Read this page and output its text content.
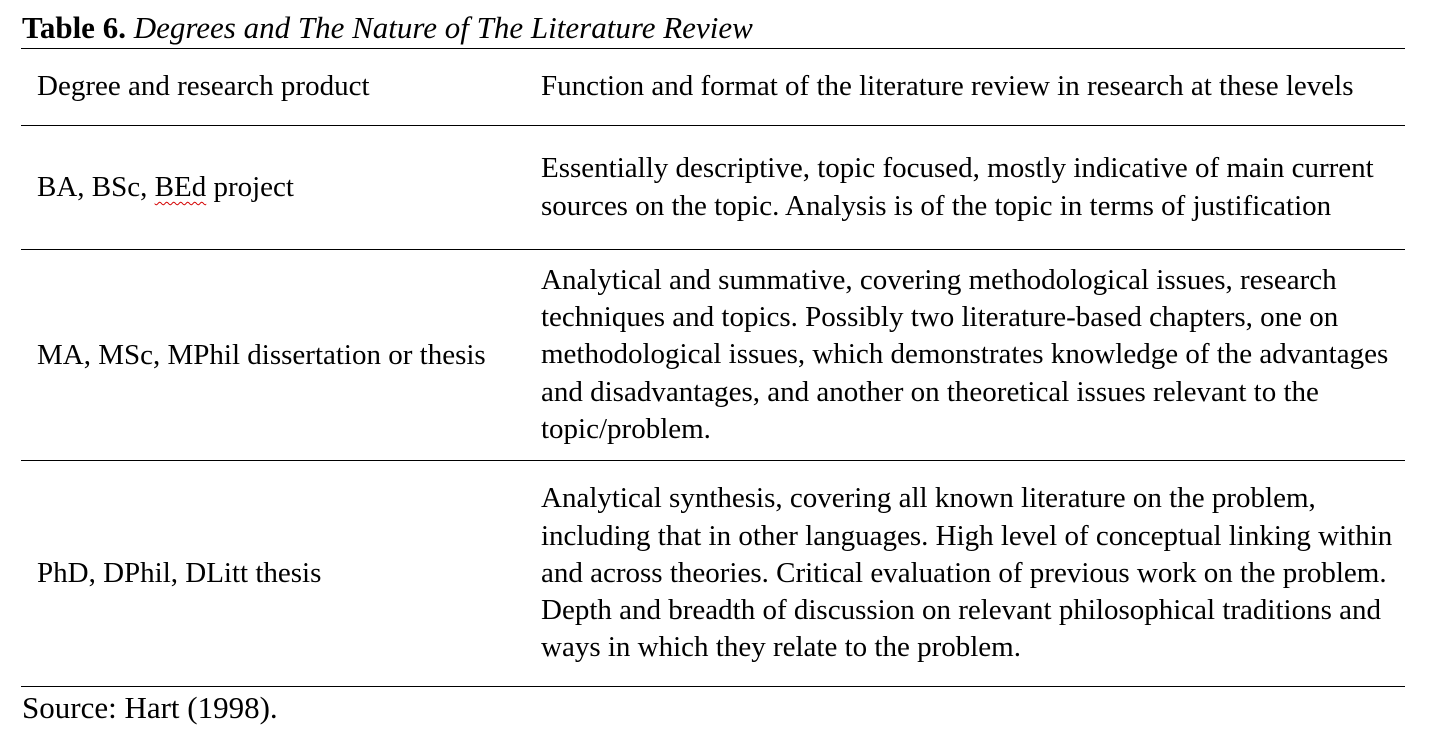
Table 6. Degrees and The Nature of The Literature Review
Degree and research product	Function and format of the literature review in research at these levels
BA, BSc, BEd project	Essentially descriptive, topic focused, mostly indicative of main current sources on the topic. Analysis is of the topic in terms of justification

MA, MSc, MPhil dissertation or thesis	Analytical and summative, covering methodological issues, research techniques and topics. Possibly two literature-based chapters, one on methodological issues, which demonstrates knowledge of the advantages and disadvantages, and another on theoretical issues relevant to the topic/problem.
PhD, DPhil, DLitt thesis	Analytical synthesis, covering all known literature on the problem, including that in other languages. High level of conceptual linking within and across theories. Critical evaluation of previous work on the problem. Depth and breadth of discussion on relevant philosophical traditions and ways in which they relate to the problem.
Source: Hart (1998).
